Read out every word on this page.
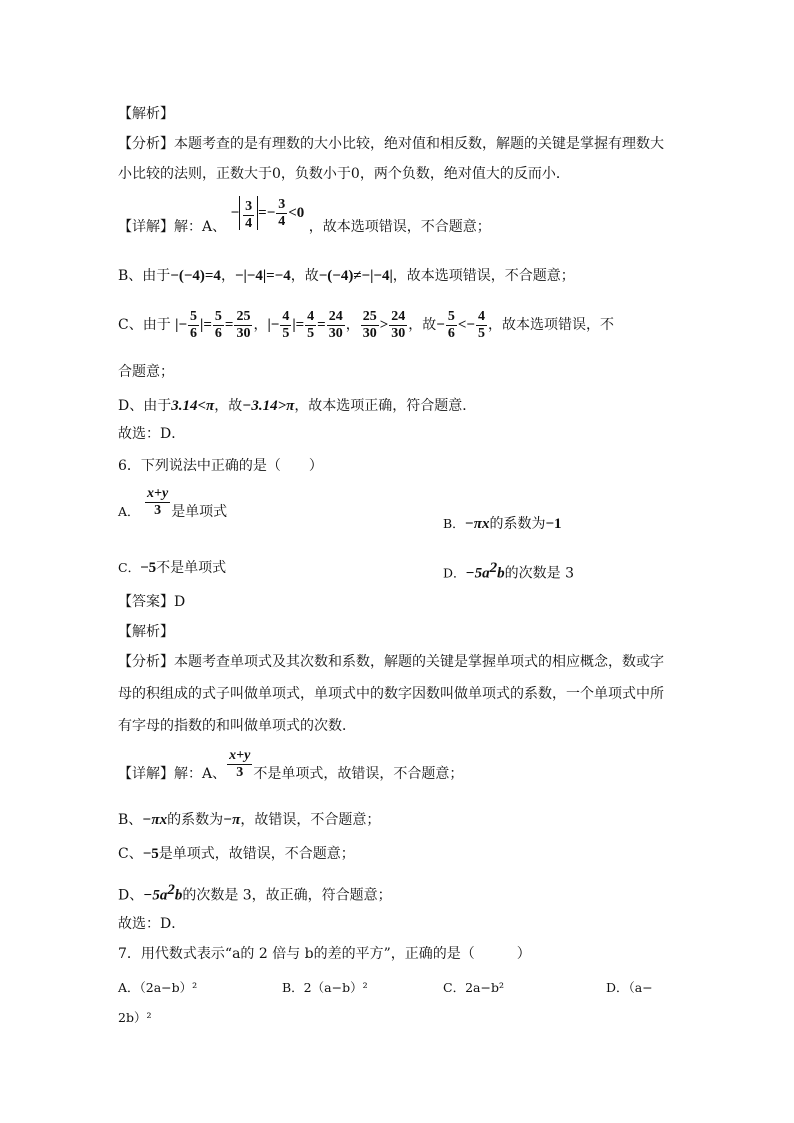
【解析】
【分析】本题考查的是有理数的大小比较，绝对值和相反数，解题的关键是掌握有理数大
小比较的法则，正数大于0，负数小于0，两个负数，绝对值大的反而小．
【详解】解：A、 − $\frac{3}{4} =- \frac{3}{4} <0$ ，故本选项错误，不合题意；
B、由于−(−4)=4，−|−4|=−4，故−(−4)≠−|−4|，故本选项错误，不合题意；
C、由于 |− $\frac{5}{6}$ |= $\frac{5}{6} = \frac{25}{30}$ ，|− $\frac{4}{5}$ |= $\frac{4}{5} = \frac{24}{30}$ ， $\frac{25}{30} > \frac{24}{30}$ ，故− $\frac{5}{6} <- \frac{4}{5}$ ，故本选项错误，不
合题意；
D、由于3.14<π，故−3.14>π，故本选项正确，符合题意．
故选：D．
6．下列说法中正确的是（　　）
A． $\frac{x+y}{3}$ 是单项式
B．−πx的系数为−1
C．−5不是单项式	D．$-5a^2b$的次数是 3
【答案】D
【解析】
【分析】本题考查单项式及其次数和系数，解题的关键是掌握单项式的相应概念，数或字
母的积组成的式子叫做单项式，单项式中的数字因数叫做单项式的系数，一个单项式中所
有字母的指数的和叫做单项式的次数．
【详解】解：A、 $\frac{x+y}{3}$ 不是单项式，故错误，不合题意；
B、−πx的系数为−π，故错误，不合题意；
C、−5是单项式，故错误，不合题意；
D、$-5a^2b$的次数是 3，故正确，符合题意；
故选：D．
7．用代数式表示“a的 2 倍与 b的差的平方”，正确的是（　　　）
A．（2a−b）²	B．2（a−b）²	C．2a−b²	D．（a−
2b）²
